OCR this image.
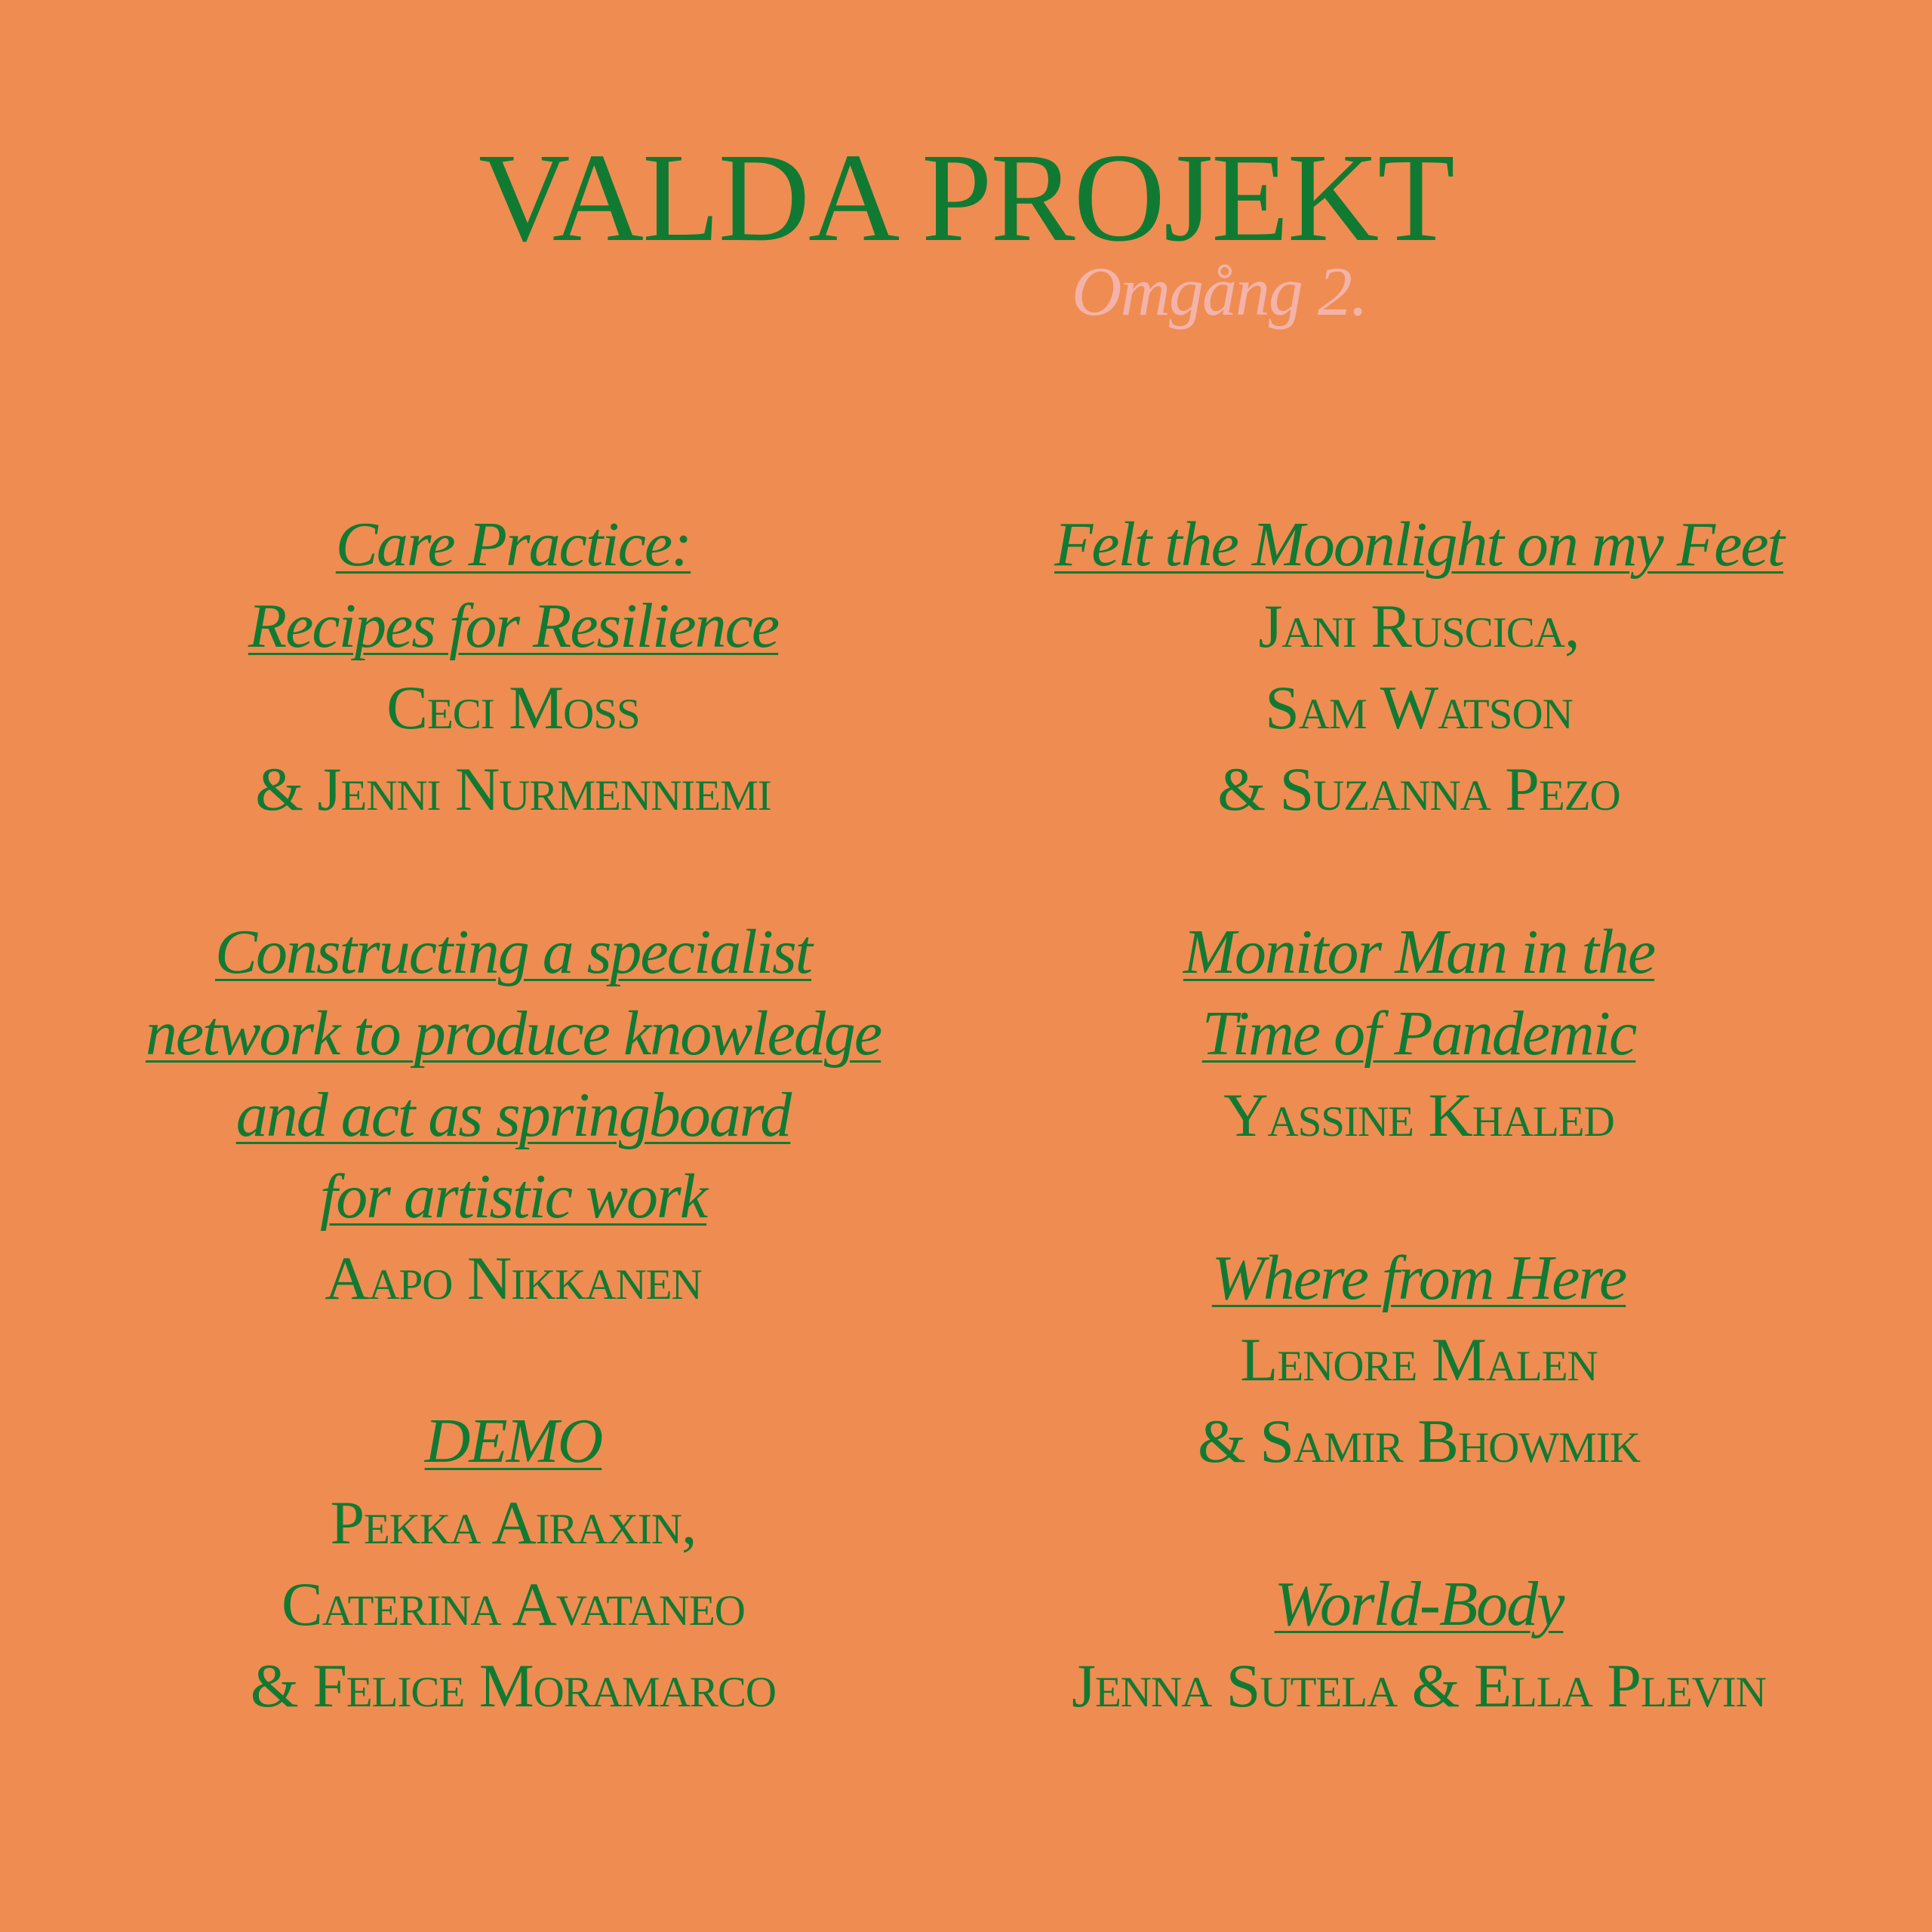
VALDA PROJEKT
Omgång 2.
Care Practice:
Recipes for Resilience
Ceci Moss
& Jenni Nurmenniemi
Constructing a specialist
network to produce knowledge
and act as springboard
for artistic work
Aapo Nikkanen
DEMO
Pekka Airaxin,
Caterina Avataneo
& Felice Moramarco
Felt the Moonlight on my Feet
Jani Ruscica,
Sam Watson
& Suzanna Pezo
Monitor Man in the
Time of Pandemic
Yassine Khaled
Where from Here
Lenore Malen
& Samir Bhowmik
World-Body
Jenna Sutela & Ella Plevin
